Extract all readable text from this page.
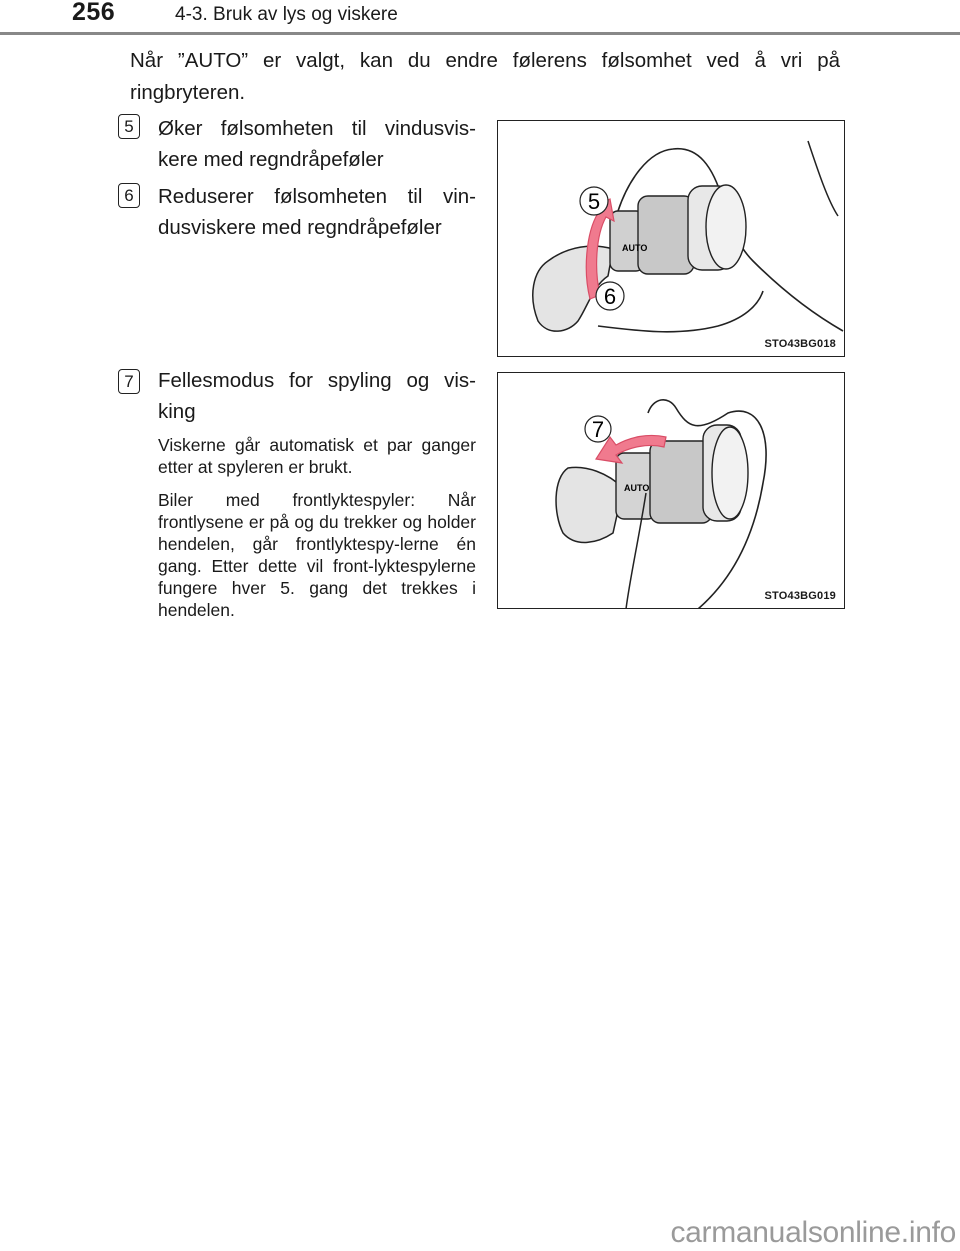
256	4-3. Bruk av lys og viskere

Når ”AUTO” er valgt, kan du endre følerens følsomhet ved å vri på ringbryteren.

5	Øker følsomheten til vindusvis-kere med regndråpeføler

6	Reduserer følsomheten til vin-dusviskere med regndråpeføler

7	Fellesmodus for spyling og vis-king

Viskerne går automatisk et par ganger etter at spyleren er brukt.

Biler med frontlyktespyler: Når frontlysene er på og du trekker og holder hendelen, går frontlyktespy-lerne én gang. Etter dette vil front-lyktespylerne fungere hver 5. gang det trekkes i hendelen.

AUTO
5
6
STO43BG018
AUTO
7
STO43BG019
carmanualsonline.info
